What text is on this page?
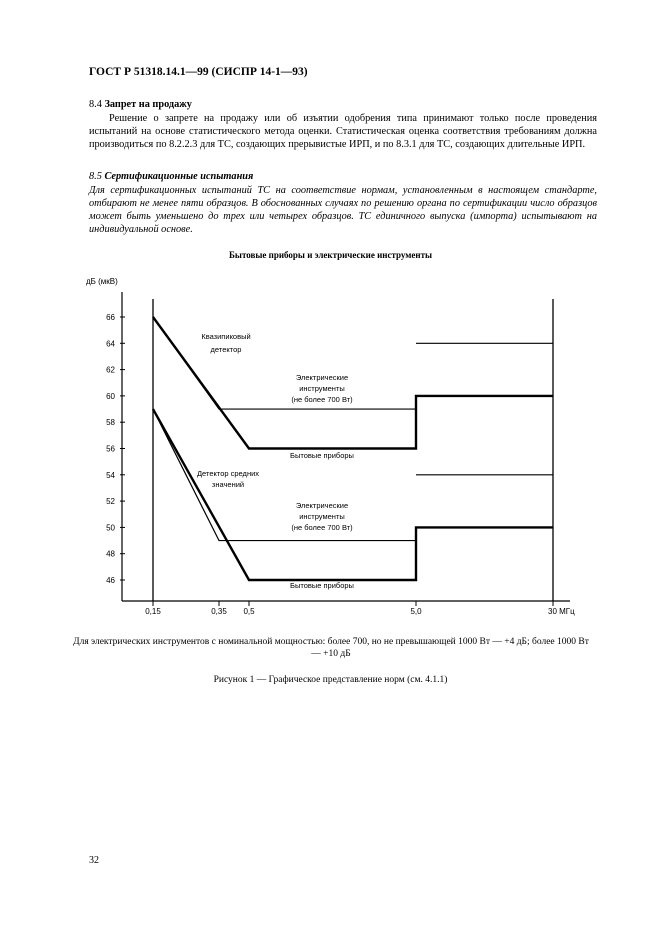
ГОСТ Р 51318.14.1—99 (СИСПР 14-1—93)
8.4 Запрет на продажу
Решение о запрете на продажу или об изъятии одобрения типа принимают только после проведения испытаний на основе статистического метода оценки. Статистическая оценка соответствия требованиям должна производиться по 8.2.2.3 для ТС, создающих прерывистые ИРП, и по 8.3.1 для ТС, создающих длительные ИРП.
8.5 Сертификационные испытания
Для сертификационных испытаний ТС на соответствие нормам, установленным в настоящем стандарте, отбирают не менее пяти образцов. В обоснованных случаях по решению органа по сертификации число образцов может быть уменьшено до трех или четырех образцов. ТС единичного выпуска (импорта) испытывают на индивидуальной основе.
Бытовые приборы и электрические инструменты
дБ (мкВ)
46
48
50
52
54
56
58
60
62
64
66
0,15	0,35 0,5	5,0	30 МГц
Квазипиковый
детектор
Электрические
инструменты
(не более 700 Вт)
Бытовые приборы
Детектор средних
значений
Электрические
инструменты
(не более 700 Вт)
Бытовые приборы
Для электрических инструментов с номинальной мощностью: более 700, но не превышающей 1000 Вт — +4 дБ; более 1000 Вт — +10 дБ
Рисунок 1 — Графическое представление норм (см. 4.1.1)
32
